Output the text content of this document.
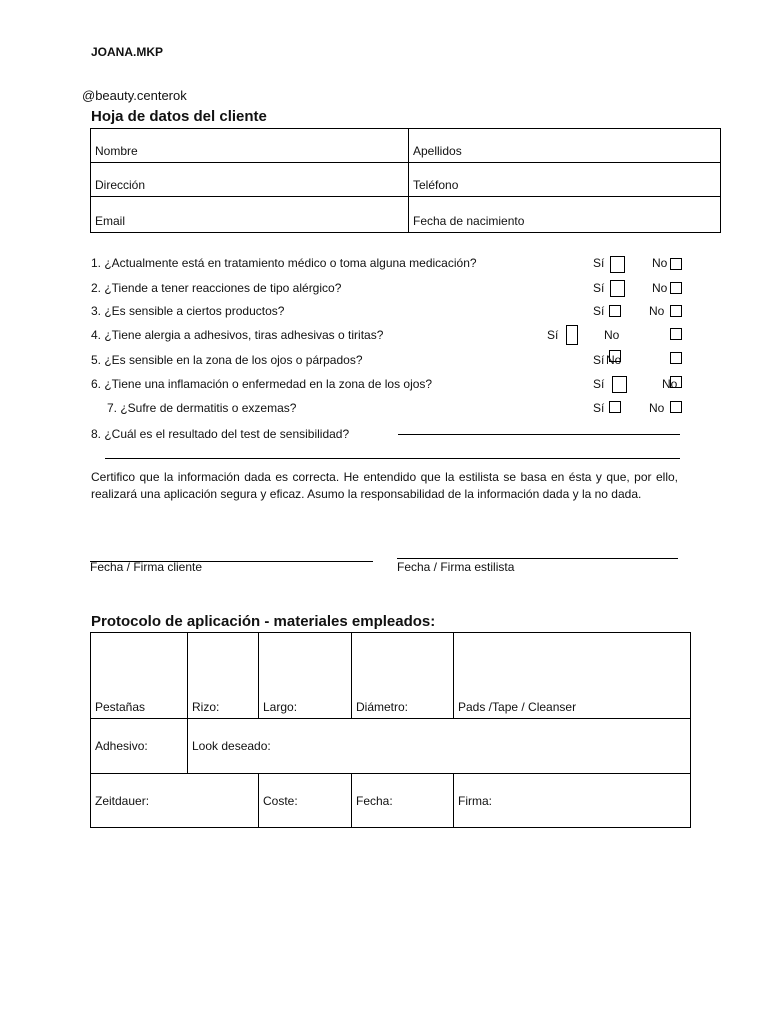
JOANA.MKP
@beauty.centerok
Hoja de datos del cliente
Nombre	Apellidos
Dirección	Teléfono
Email	Fecha de nacimiento
1. ¿Actualmente está en tratamiento médico o toma alguna medicación?	Sí	No
2. ¿Tiende a tener reacciones de tipo alérgico?	Sí	No
3. ¿Es sensible a ciertos productos?	Sí	No
4. ¿Tiene alergia a adhesivos, tiras adhesivas o tiritas?	Sí	No
5. ¿Es sensible en la zona de los ojos o párpados?	Sí No
6. ¿Tiene una inflamación o enfermedad en la zona de los ojos?	Sí	No
7. ¿Sufre de dermatitis o exzemas?	Sí	No
8. ¿Cuál es el resultado del test de sensibilidad?
Certifico que la información dada es correcta. He entendido que la estilista se basa en ésta y que, por ello, realizará una aplicación segura y eficaz. Asumo la responsabilidad de la información dada y la no dada.
Fecha / Firma cliente	Fecha / Firma estilista
Protocolo de aplicación - materiales empleados:
Pestañas	Rizo:	Largo:	Diámetro:	Pads /Tape / Cleanser
Adhesivo:	Look deseado:			
Zeitdauer:		Coste:	Fecha:	Firma:
